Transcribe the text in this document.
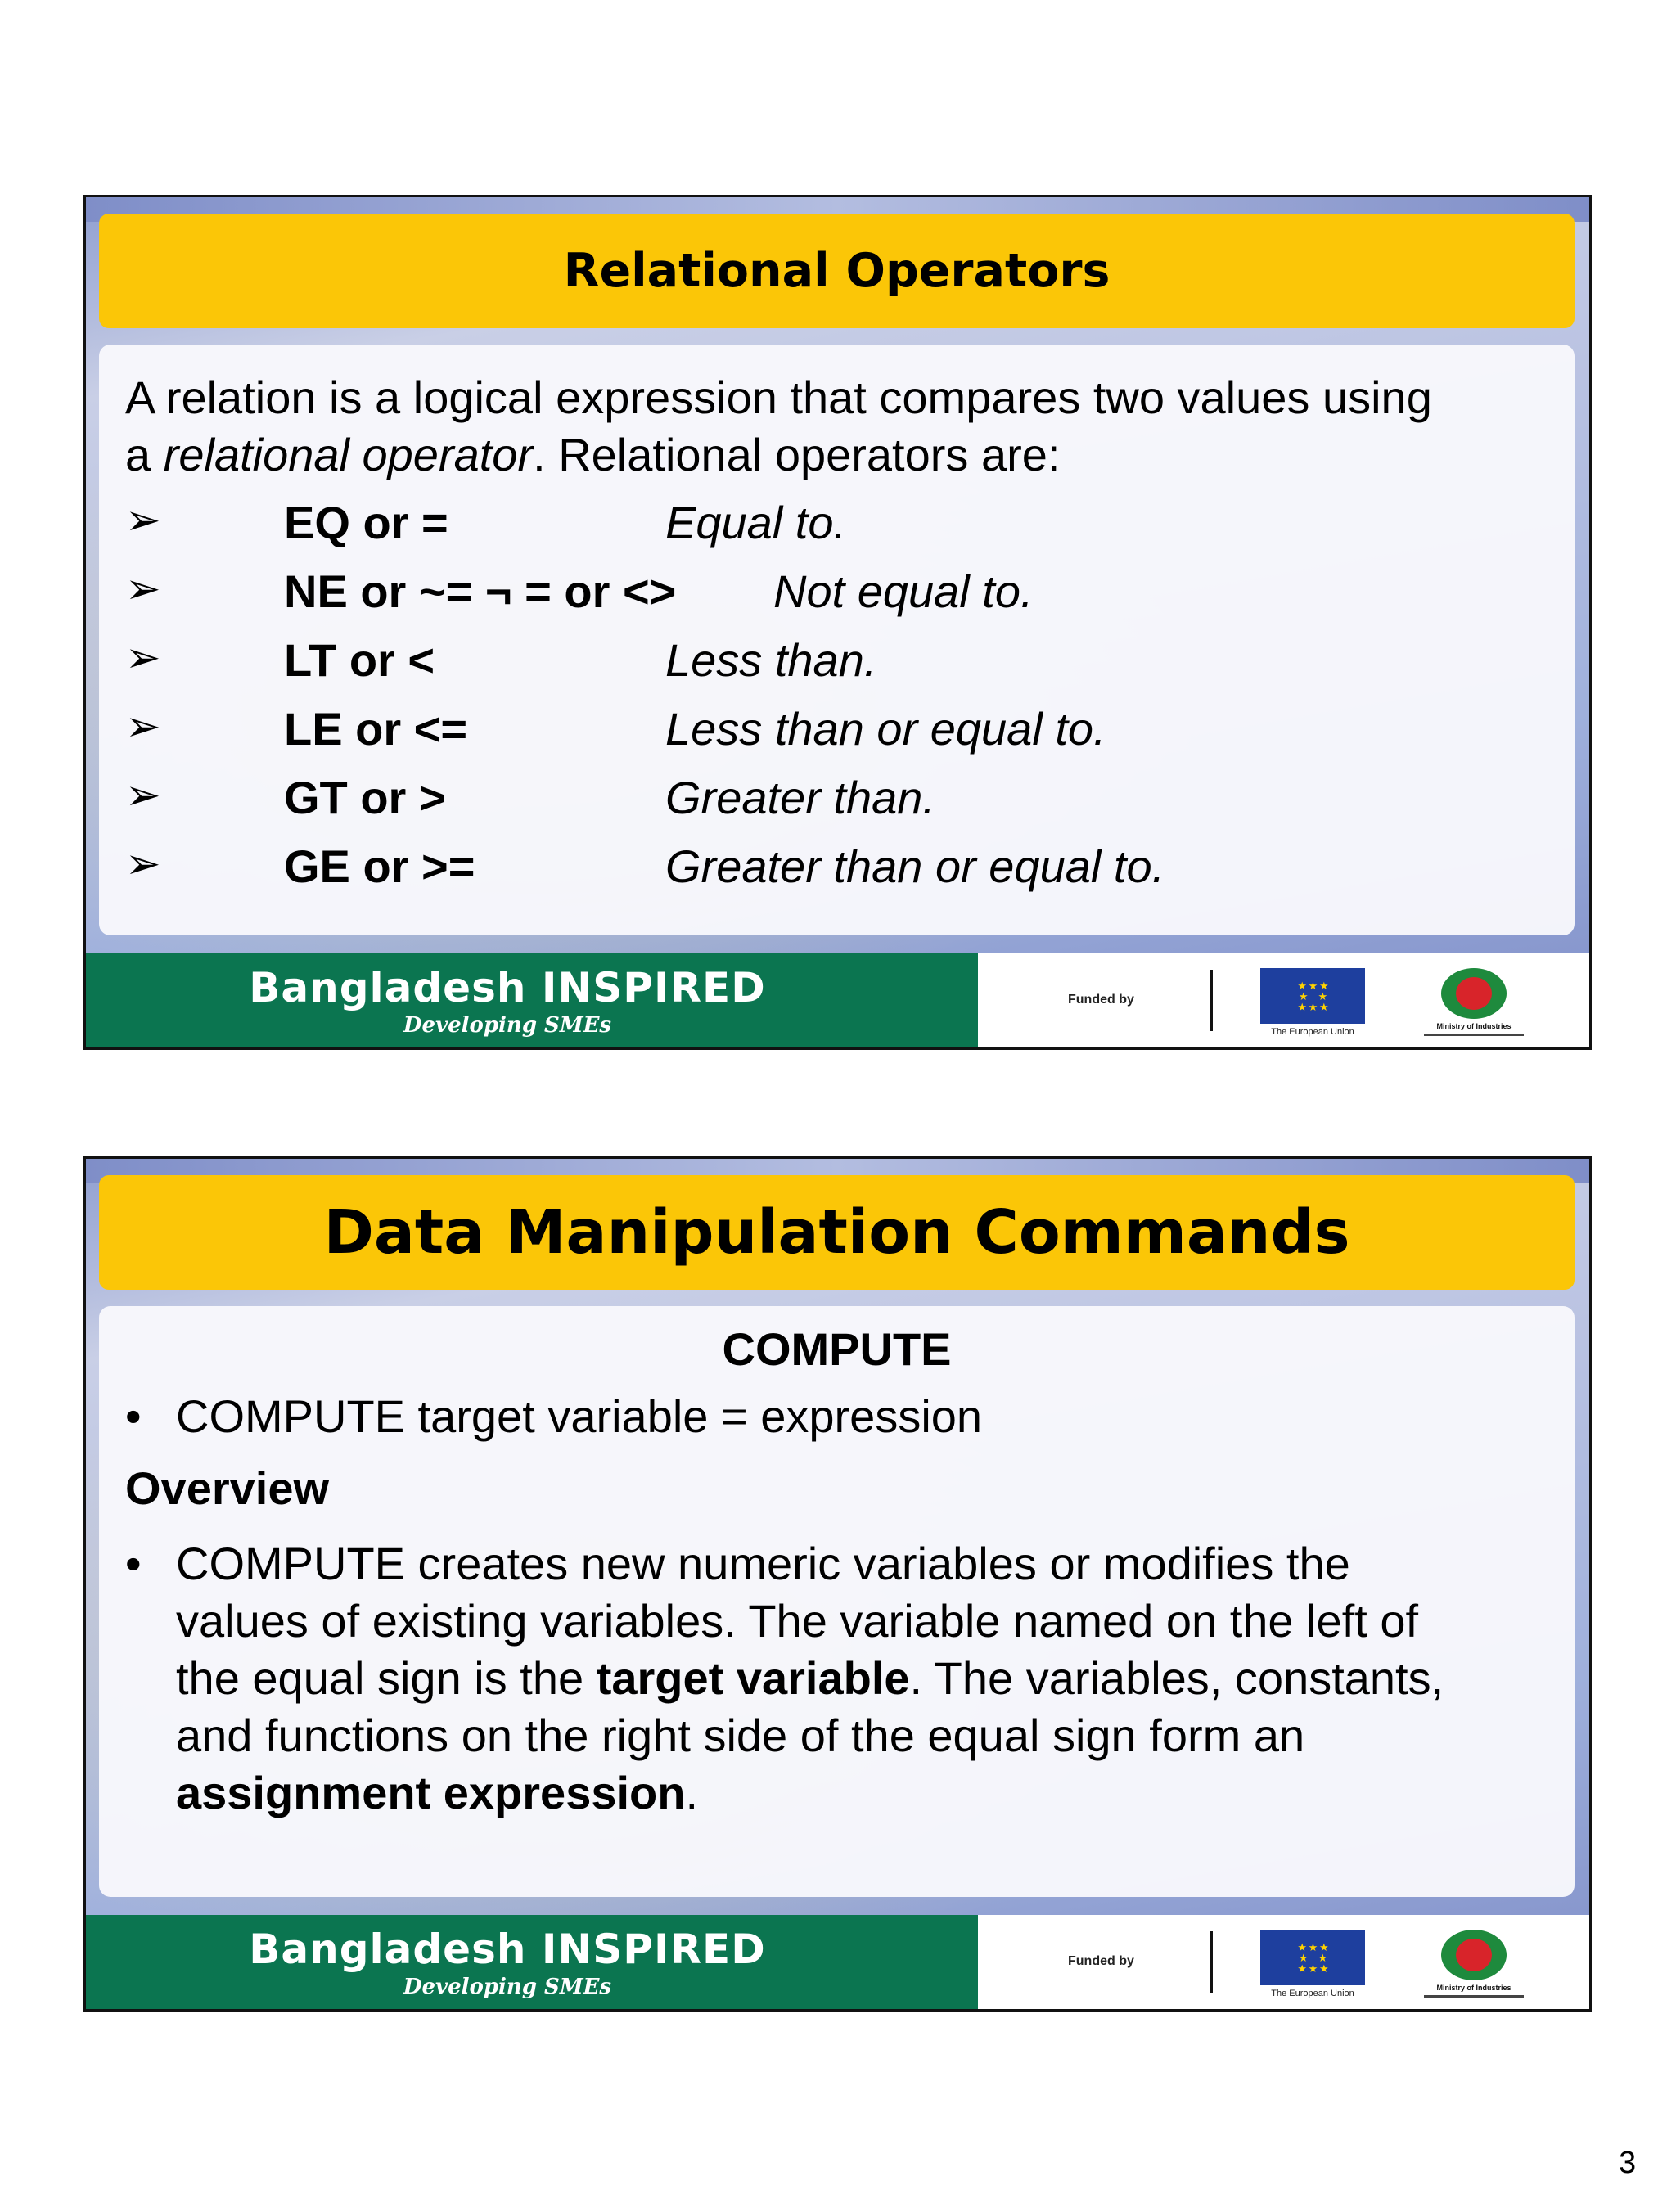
Relational Operators
A relation is a logical expression that compares two values using
a relational operator. Relational operators are:
➢	EQ or =	Equal to.
➢	NE or ~= ¬ = or <> Not equal to.
➢	LT or <	Less than.
➢	LE or <=	Less than or equal to.
➢	GT or >	Greater than.
➢	GE or >=	Greater than or equal to.
Bangladesh INSPIRED
Developing SMEs
Funded by
★ ★ ★
★     ★
★ ★ ★
The European Union
Ministry of Industries
Data Manipulation Commands
COMPUTE
• COMPUTE target variable = expression
Overview
• COMPUTE creates new numeric variables or modifies the
values of existing variables. The variable named on the left of
the equal sign is the target variable. The variables, constants,
and functions on the right side of the equal sign form an
assignment expression.
Bangladesh INSPIRED
Developing SMEs
Funded by
★ ★ ★
★     ★
★ ★ ★
The European Union
Ministry of Industries
3
